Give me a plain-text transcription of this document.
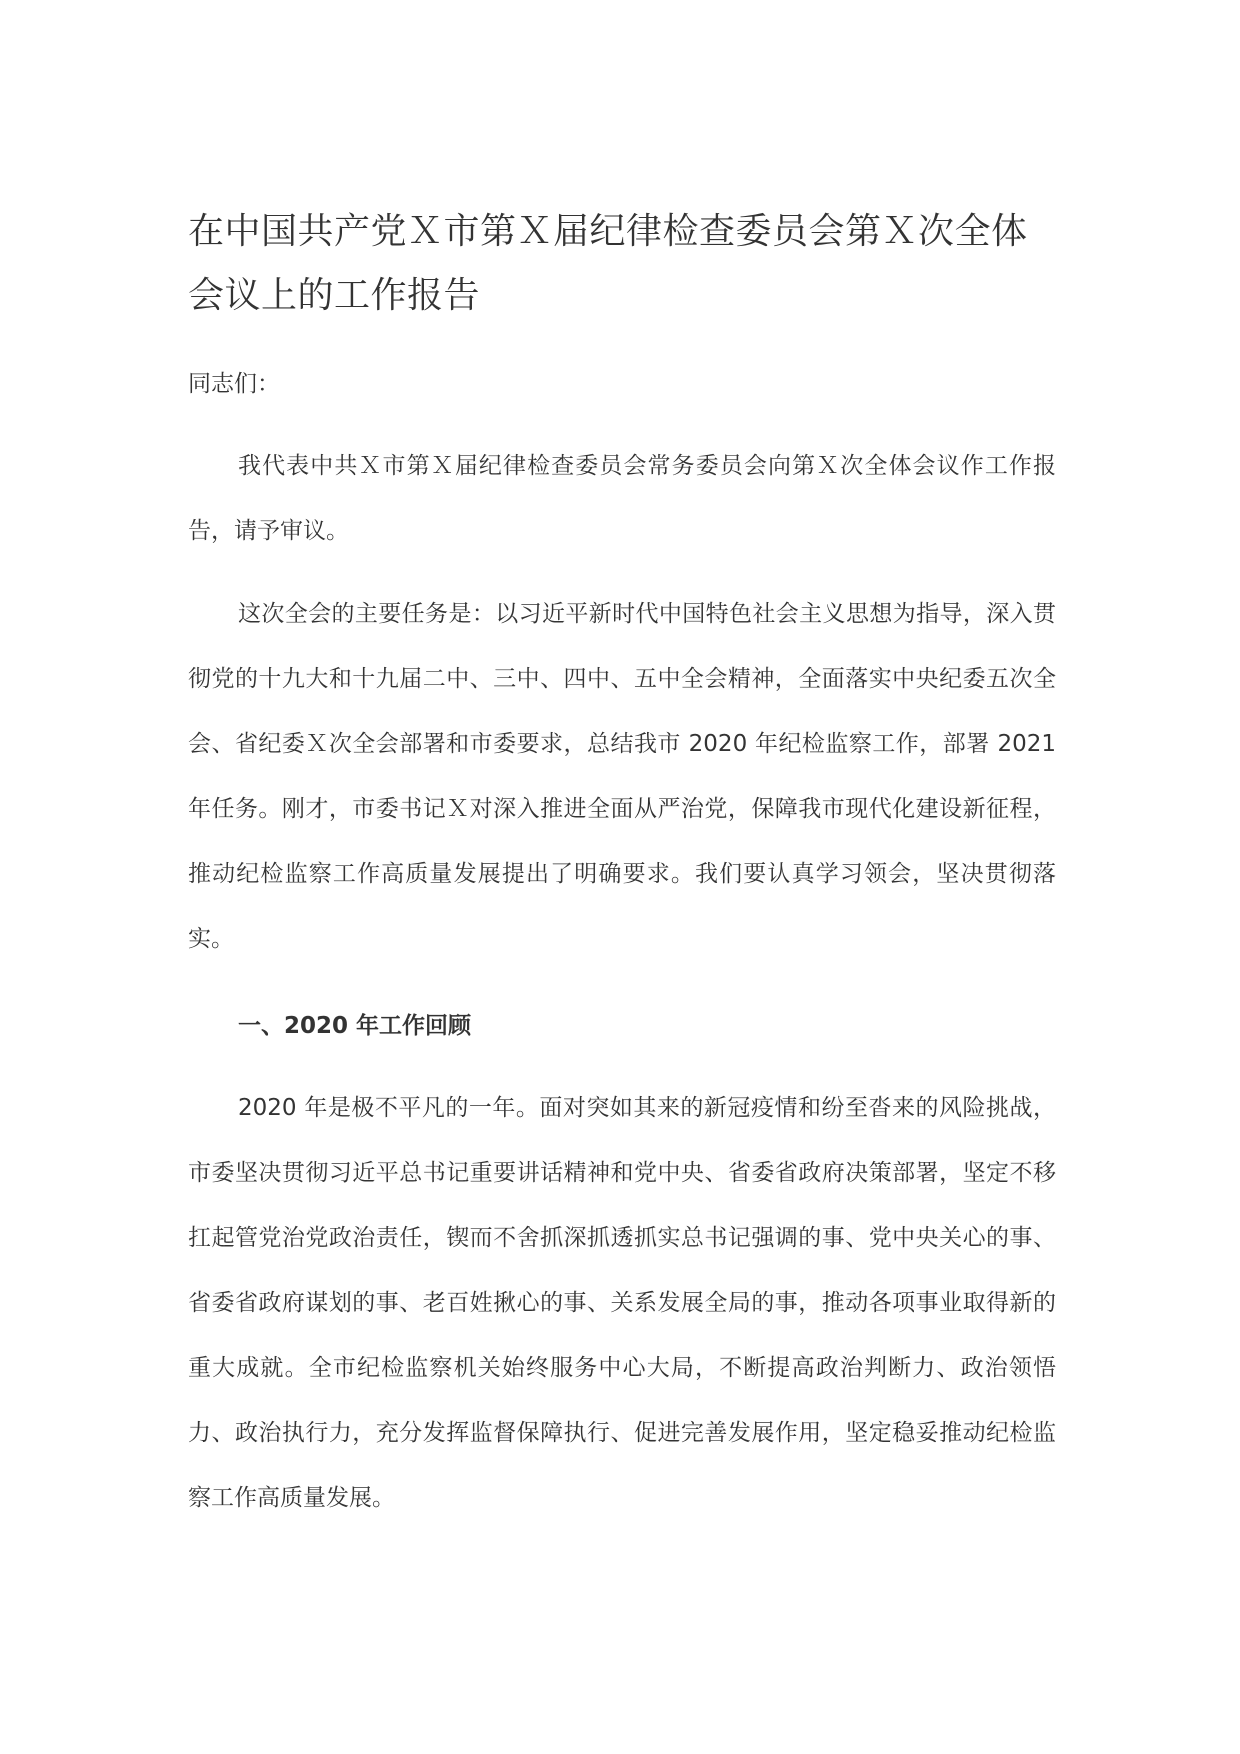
在中国共产党Ｘ市第Ｘ届纪律检查委员会第Ｘ次全体会议上的工作报告

同志们：

我代表中共Ｘ市第Ｘ届纪律检查委员会常务委员会向第Ｘ次全体会议作工作报告，请予审议。

这次全会的主要任务是：以习近平新时代中国特色社会主义思想为指导，深入贯彻党的十九大和十九届二中、三中、四中、五中全会精神，全面落实中央纪委五次全会、省纪委Ｘ次全会部署和市委要求，总结我市 2020 年纪检监察工作，部署 2021 年任务。刚才，市委书记Ｘ对深入推进全面从严治党，保障我市现代化建设新征程，推动纪检监察工作高质量发展提出了明确要求。我们要认真学习领会，坚决贯彻落实。

一、2020 年工作回顾

2020 年是极不平凡的一年。面对突如其来的新冠疫情和纷至沓来的风险挑战，市委坚决贯彻习近平总书记重要讲话精神和党中央、省委省政府决策部署，坚定不移扛起管党治党政治责任，锲而不舍抓深抓透抓实总书记强调的事、党中央关心的事、省委省政府谋划的事、老百姓揪心的事、关系发展全局的事，推动各项事业取得新的重大成就。全市纪检监察机关始终服务中心大局，不断提高政治判断力、政治领悟力、政治执行力，充分发挥监督保障执行、促进完善发展作用，坚定稳妥推动纪检监察工作高质量发展。
